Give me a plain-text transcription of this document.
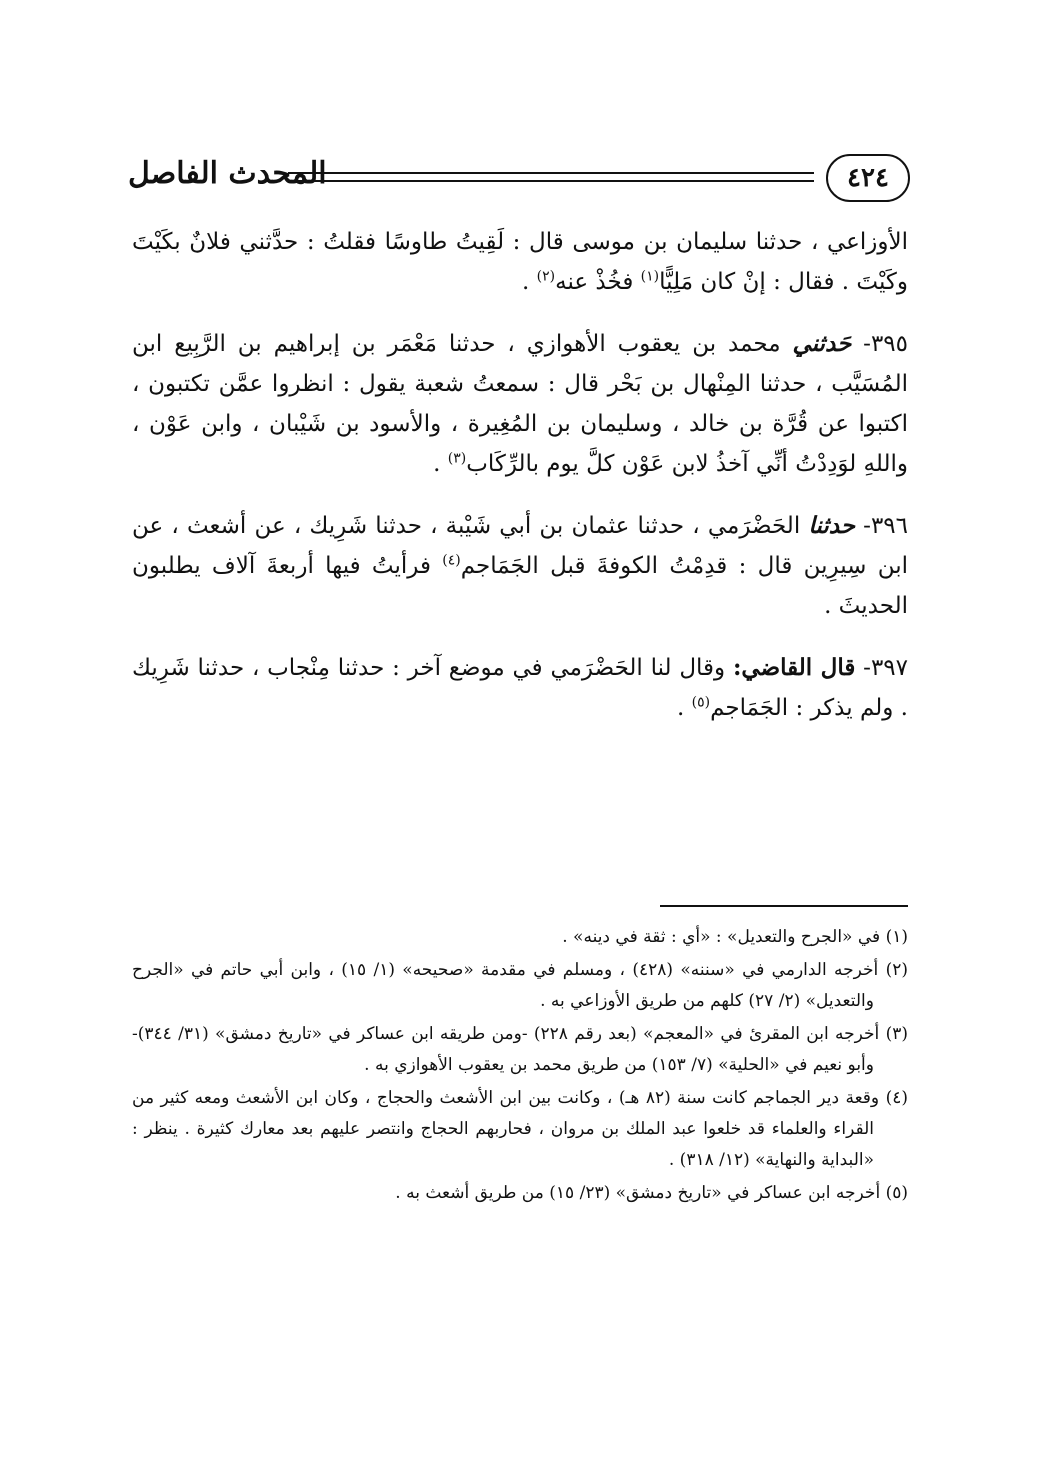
٤٢٤
المحدث الفاصل

الأوزاعي ، حدثنا سليمان بن موسى قال : لَقِيتُ طاوسًا فقلتُ : حدَّثني فلانٌ بكَيْتَ وكَيْتَ . فقال : إنْ كان مَلِيًّا$^{(١)}$ فخُذْ عنه$^{(٢)}$ .

٣٩٥- حَدثني محمد بن يعقوب الأهوازي ، حدثنا مَعْمَر بن إبراهيم بن الرَّبِيع ابن المُسَيَّب ، حدثنا المِنْهال بن بَحْر قال : سمعتُ شعبة يقول : انظروا عمَّن تكتبون ، اكتبوا عن قُرَّة بن خالد ، وسليمان بن المُغِيرة ، والأسود بن شَيْبان ، وابن عَوْن ، واللهِ لوَدِدْتُ أنِّي آخذُ لابن عَوْن كلَّ يوم بالرِّكَاب$^{(٣)}$ .

٣٩٦- حدثنا الحَضْرَمي ، حدثنا عثمان بن أبي شَيْبة ، حدثنا شَرِيك ، عن أشعث ، عن ابن سِيرِين قال : قدِمْتُ الكوفةَ قبل الجَمَاجم$^{(٤)}$ فرأيتُ فيها أربعةَ آلاف يطلبون الحديثَ .

٣٩٧- قال القاضي: وقال لنا الحَضْرَمي في موضع آخر : حدثنا مِنْجاب ، حدثنا شَرِيك . ولم يذكر : الجَمَاجم$^{(٥)}$ .

(١) في «الجرح والتعديل» : «أي : ثقة في دينه» .
(٢) أخرجه الدارمي في «سننه» (٤٢٨) ، ومسلم في مقدمة «صحيحه» (١/ ١٥) ، وابن أبي حاتم في «الجرح والتعديل» (٢/ ٢٧) كلهم من طريق الأوزاعي به .
(٣) أخرجه ابن المقرئ في «المعجم» (بعد رقم ٢٢٨) -ومن طريقه ابن عساكر في «تاريخ دمشق» (٣١/ ٣٤٤)- وأبو نعيم في «الحلية» (٧/ ١٥٣) من طريق محمد بن يعقوب الأهوازي به .
(٤) وقعة دير الجماجم كانت سنة (٨٢ هـ) ، وكانت بين ابن الأشعث والحجاج ، وكان ابن الأشعث ومعه كثير من القراء والعلماء قد خلعوا عبد الملك بن مروان ، فحاربهم الحجاج وانتصر عليهم بعد معارك كثيرة . ينظر : «البداية والنهاية» (١٢/ ٣١٨) .
(٥) أخرجه ابن عساكر في «تاريخ دمشق» (٢٣/ ١٥) من طريق أشعث به .
